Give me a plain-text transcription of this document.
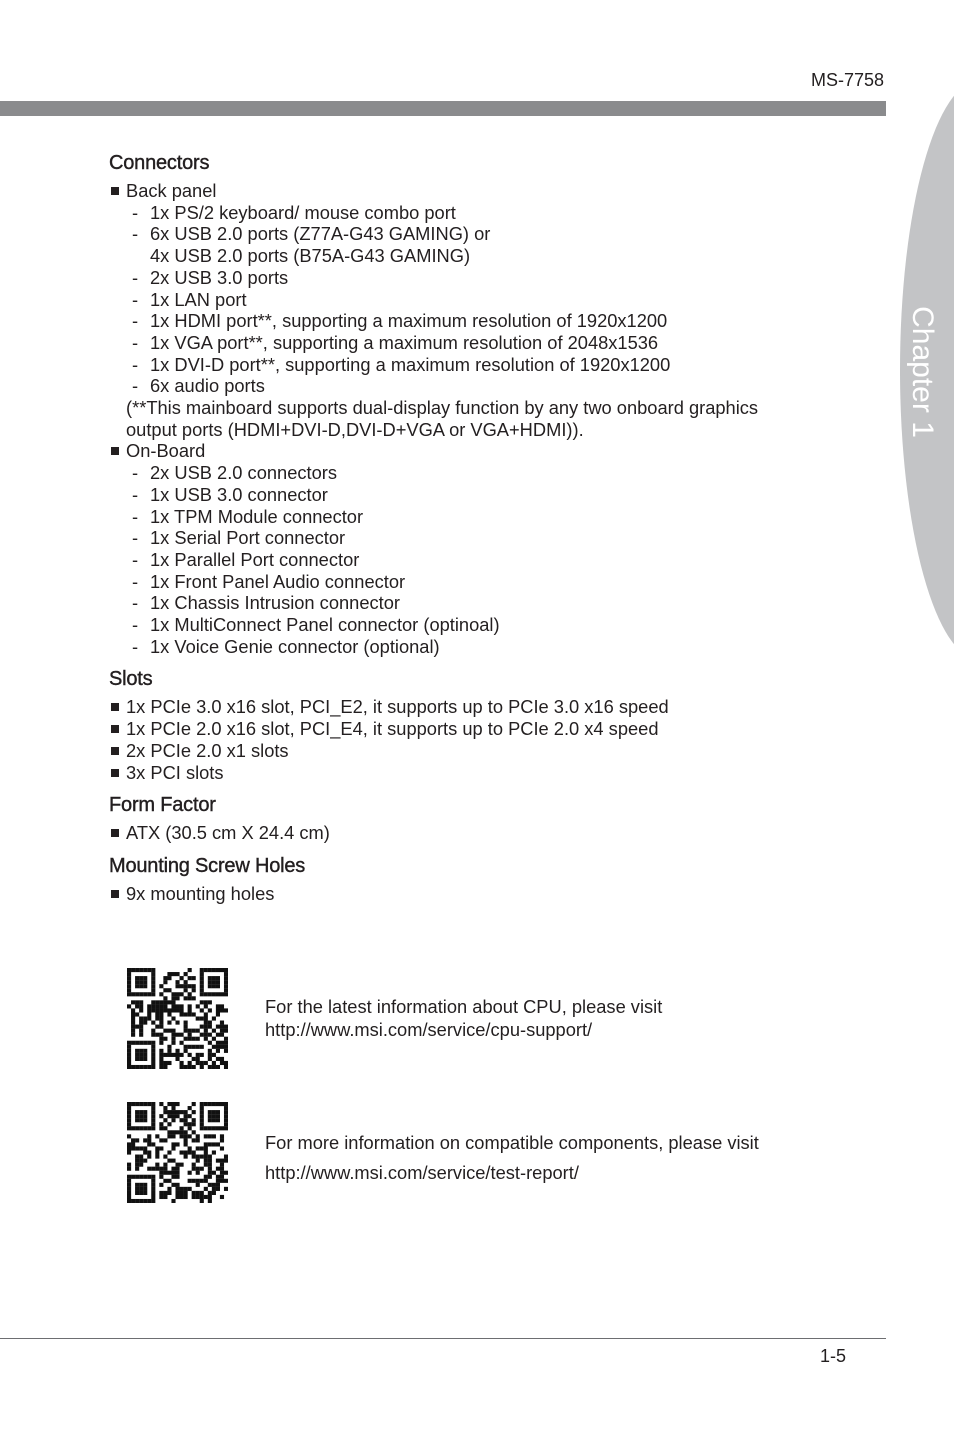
MS-7758
Chapter 1
Connectors
Back panel
- 1x PS/2 keyboard/ mouse combo port
- 6x USB 2.0 ports (Z77A-G43 GAMING) or
4x USB 2.0 ports (B75A-G43 GAMING)
- 2x USB 3.0 ports
- 1x LAN port
- 1x HDMI port**, supporting a maximum resolution of 1920x1200
- 1x VGA port**, supporting a maximum resolution of 2048x1536
- 1x DVI-D port**, supporting a maximum resolution of 1920x1200
- 6x audio ports
(**This mainboard supports dual-display function by any two onboard graphics
output ports (HDMI+DVI-D,DVI-D+VGA or VGA+HDMI)).
On-Board
- 2x USB 2.0 connectors
- 1x USB 3.0 connector
- 1x TPM Module connector
- 1x Serial Port connector
- 1x Parallel Port connector
- 1x Front Panel Audio connector
- 1x Chassis Intrusion connector
- 1x MultiConnect Panel connector (optinoal)
- 1x Voice Genie connector (optional)
Slots
1x PCIe 3.0 x16 slot, PCI_E2, it supports up to PCIe 3.0 x16 speed
1x PCIe 2.0 x16 slot, PCI_E4, it supports up to PCIe 2.0 x4 speed
2x PCIe 2.0 x1 slots
3x PCI slots
Form Factor
ATX (30.5 cm X 24.4 cm)
Mounting Screw Holes
9x mounting holes
For the latest information about CPU, please visit
http://www.msi.com/service/cpu-support/
For more information on compatible components, please visit
http://www.msi.com/service/test-report/
1-5
